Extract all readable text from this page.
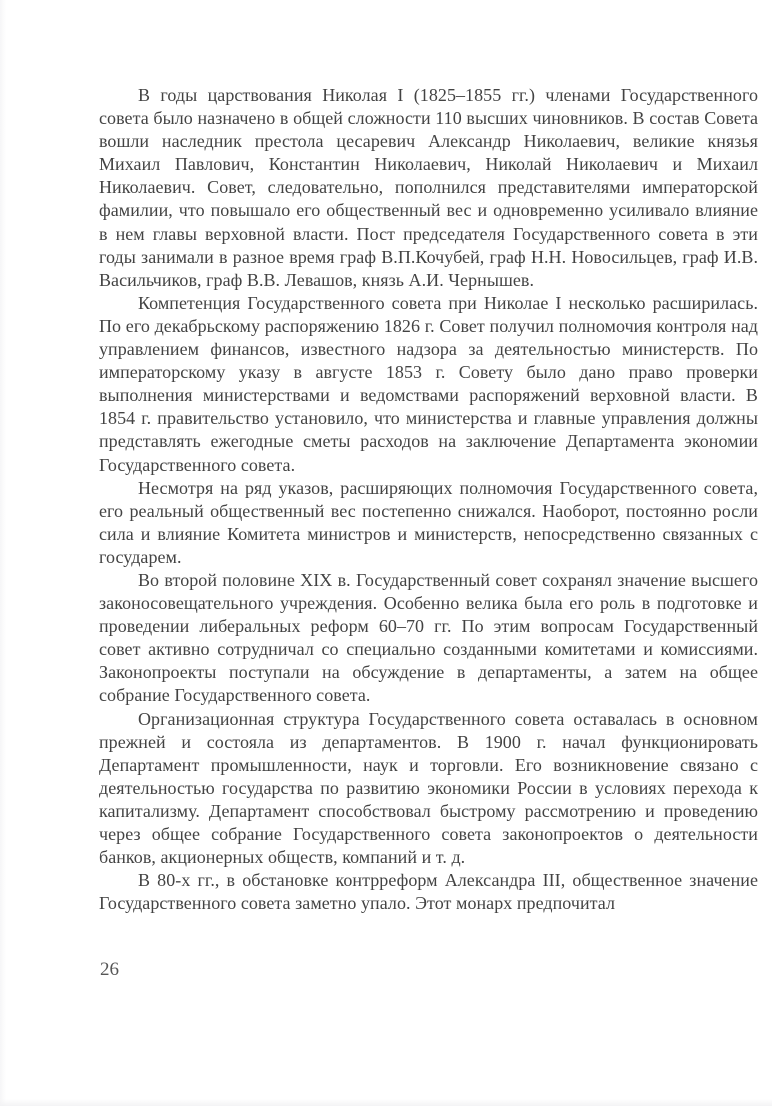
В годы царствования Николая I (1825–1855 гг.) членами Государственного совета было назначено в общей сложности 110 высших чиновников. В состав Совета вошли наследник престола цесаревич Александр Николаевич, великие князья Михаил Павлович, Константин Николаевич, Николай Николаевич и Михаил Николаевич. Совет, следовательно, пополнился представителями императорской фамилии, что повышало его общественный вес и одновременно усиливало влияние в нем главы верховной власти. Пост председателя Государственного совета в эти годы занимали в разное время граф В.П.Кочубей, граф Н.Н. Новосильцев, граф И.В. Васильчиков, граф В.В. Левашов, князь А.И. Чернышев.

Компетенция Государственного совета при Николае I несколько расширилась. По его декабрьскому распоряжению 1826 г. Совет получил полномочия контроля над управлением финансов, известного надзора за деятельностью министерств. По императорскому указу в августе 1853 г. Совету было дано право проверки выполнения министерствами и ведомствами распоряжений верховной власти. В 1854 г. правительство установило, что министерства и главные управления должны представлять ежегодные сметы расходов на заключение Департамента экономии Государственного совета.

Несмотря на ряд указов, расширяющих полномочия Государственного совета, его реальный общественный вес постепенно снижался. Наоборот, постоянно росли сила и влияние Комитета министров и министерств, непосредственно связанных с государем.

Во второй половине XIX в. Государственный совет сохранял значение высшего законосовещательного учреждения. Особенно велика была его роль в подготовке и проведении либеральных реформ 60–70 гг. По этим вопросам Государственный совет активно сотрудничал со специально созданными комитетами и комиссиями. Законопроекты поступали на обсуждение в департаменты, а затем на общее собрание Государственного совета.

Организационная структура Государственного совета оставалась в основном прежней и состояла из департаментов. В 1900 г. начал функционировать Департамент промышленности, наук и торговли. Его возникновение связано с деятельностью государства по развитию экономики России в условиях перехода к капитализму. Департамент способствовал быстрому рассмотрению и проведению через общее собрание Государственного совета законопроектов о деятельности банков, акционерных обществ, компаний и т. д.

В 80-х гг., в обстановке контрреформ Александра III, общественное значение Государственного совета заметно упало. Этот монарх предпочитал

26
